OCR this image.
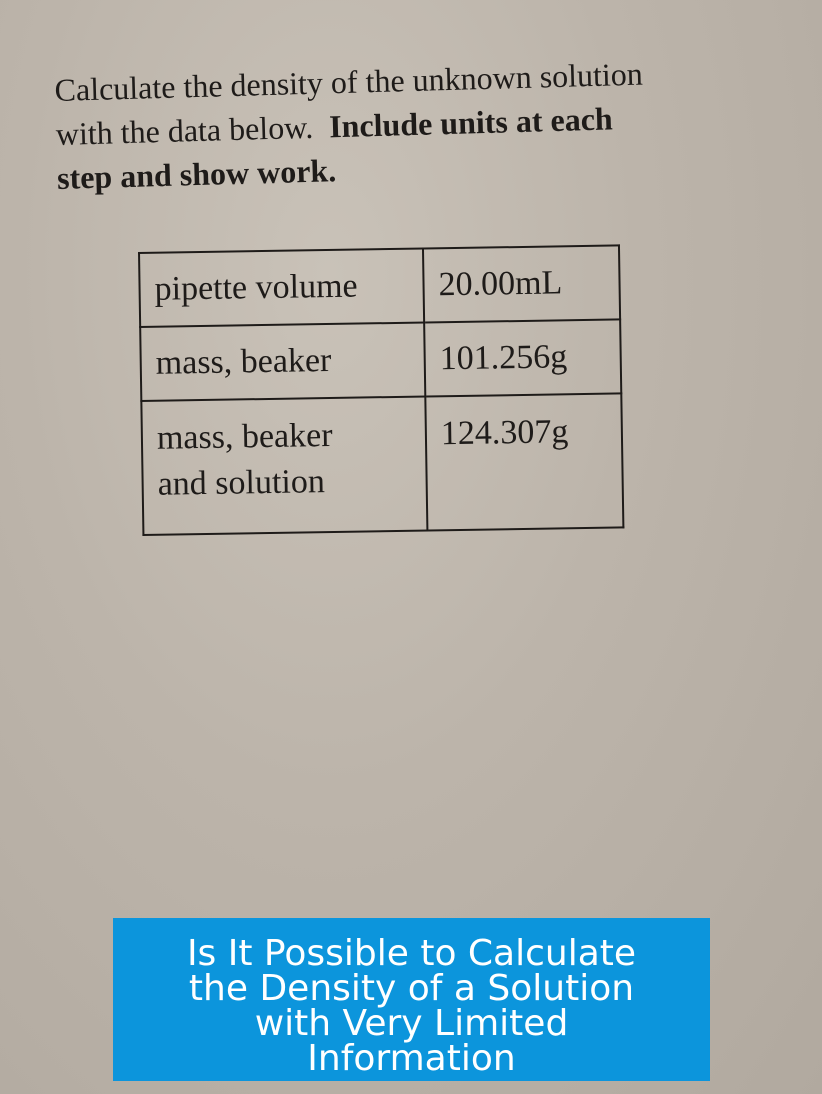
Calculate the density of the unknown solution
with the data below. Include units at each
step and show work.
pipette volume	20.00mL
mass, beaker	101.256g
mass, beaker
and solution	124.307g
Is It Possible to Calculate the Density of a Solution with Very Limited Information
